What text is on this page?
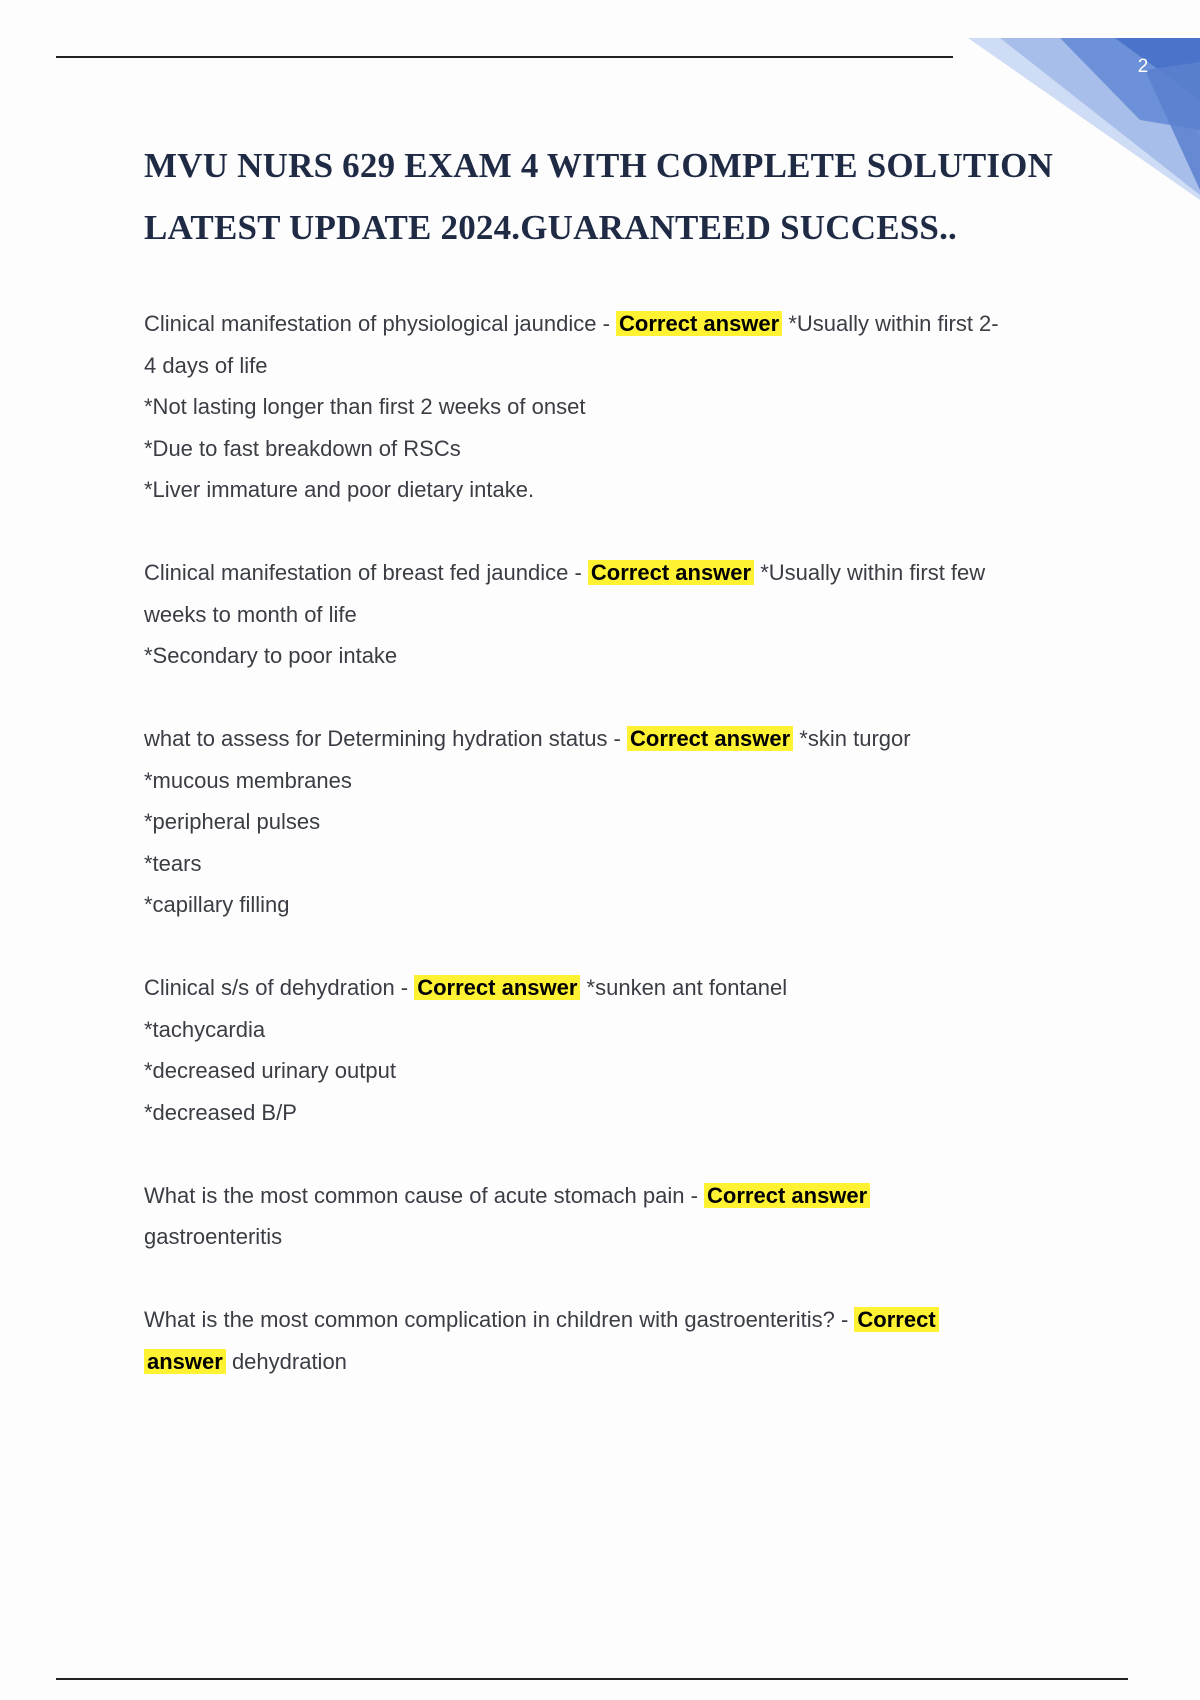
2
MVU NURS 629 EXAM 4 WITH COMPLETE SOLUTION
LATEST UPDATE 2024.GUARANTEED SUCCESS..
Clinical manifestation of physiological jaundice - Correct answer *Usually within first 2-
4 days of life
*Not lasting longer than first 2 weeks of onset
*Due to fast breakdown of RSCs
*Liver immature and poor dietary intake.
Clinical manifestation of breast fed jaundice - Correct answer *Usually within first few
weeks to month of life
*Secondary to poor intake
what to assess for Determining hydration status - Correct answer *skin turgor
*mucous membranes
*peripheral pulses
*tears
*capillary filling
Clinical s/s of dehydration - Correct answer *sunken ant fontanel
*tachycardia
*decreased urinary output
*decreased B/P
What is the most common cause of acute stomach pain - Correct answer
gastroenteritis
What is the most common complication in children with gastroenteritis? - Correct
answer dehydration
